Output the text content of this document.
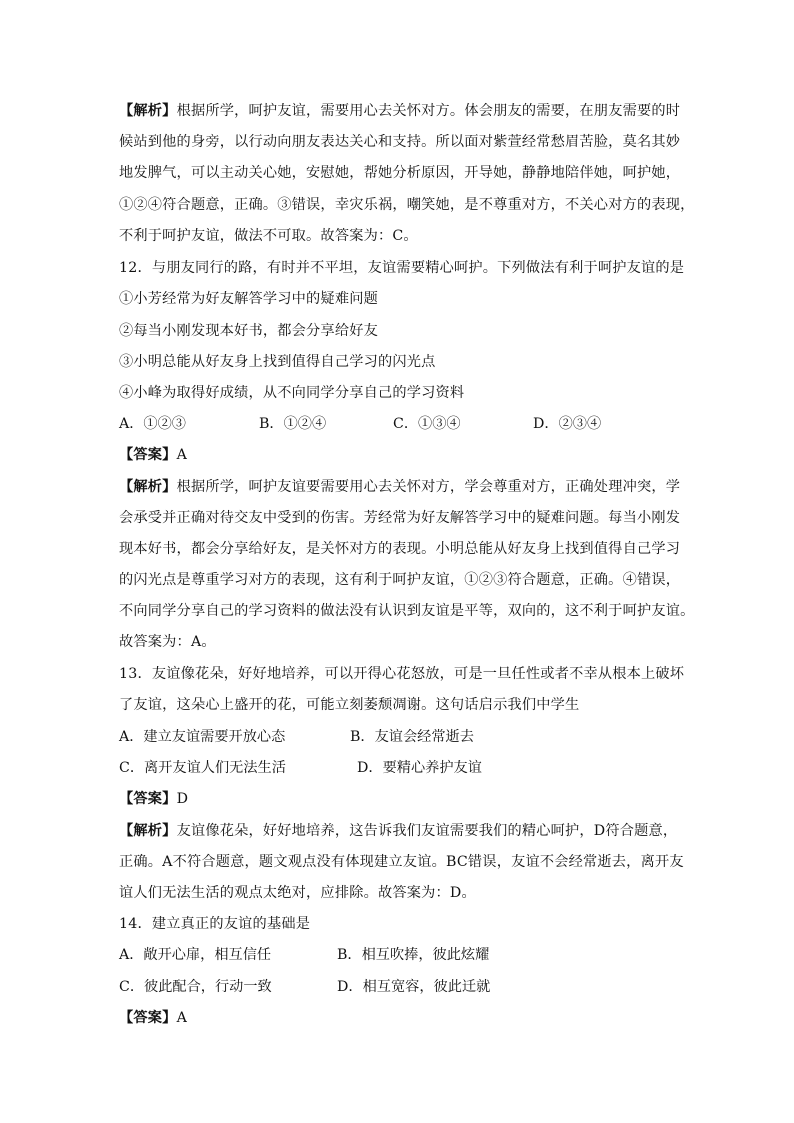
【解析】根据所学，呵护友谊，需要用心去关怀对方。体会朋友的需要，在朋友需要的时
候站到他的身旁，以行动向朋友表达关心和支持。所以面对紫萱经常愁眉苦脸，莫名其妙
地发脾气，可以主动关心她，安慰她，帮她分析原因，开导她，静静地陪伴她，呵护她，
①②④符合题意，正确。③错误，幸灾乐祸，嘲笑她，是不尊重对方，不关心对方的表现，
不利于呵护友谊，做法不可取。故答案为：C。
12．与朋友同行的路，有时并不平坦，友谊需要精心呵护。下列做法有利于呵护友谊的是
①小芳经常为好友解答学习中的疑难问题
②每当小刚发现本好书，都会分享给好友
③小明总能从好友身上找到值得自己学习的闪光点
④小峰为取得好成绩，从不向同学分享自己的学习资料
A．①②③	B．①②④	C．①③④	D．②③④
【答案】A
【解析】根据所学，呵护友谊要需要用心去关怀对方，学会尊重对方，正确处理冲突，学
会承受并正确对待交友中受到的伤害。芳经常为好友解答学习中的疑难问题。每当小刚发
现本好书，都会分享给好友，是关怀对方的表现。小明总能从好友身上找到值得自己学习
的闪光点是尊重学习对方的表现，这有利于呵护友谊，①②③符合题意，正确。④错误，
不向同学分享自己的学习资料的做法没有认识到友谊是平等，双向的，这不利于呵护友谊。
故答案为：A。
13．友谊像花朵，好好地培养，可以开得心花怒放，可是一旦任性或者不幸从根本上破坏
了友谊，这朵心上盛开的花，可能立刻萎颓凋谢。这句话启示我们中学生
A．建立友谊需要开放心态	B．友谊会经常逝去
C．离开友谊人们无法生活	D．要精心养护友谊
【答案】D
【解析】友谊像花朵，好好地培养，这告诉我们友谊需要我们的精心呵护，D符合题意，
正确。A不符合题意，题文观点没有体现建立友谊。BC错误，友谊不会经常逝去，离开友
谊人们无法生活的观点太绝对，应排除。故答案为：D。
14．建立真正的友谊的基础是
A．敞开心扉，相互信任	B．相互吹捧，彼此炫耀
C．彼此配合，行动一致	D．相互宽容，彼此迁就
【答案】A
